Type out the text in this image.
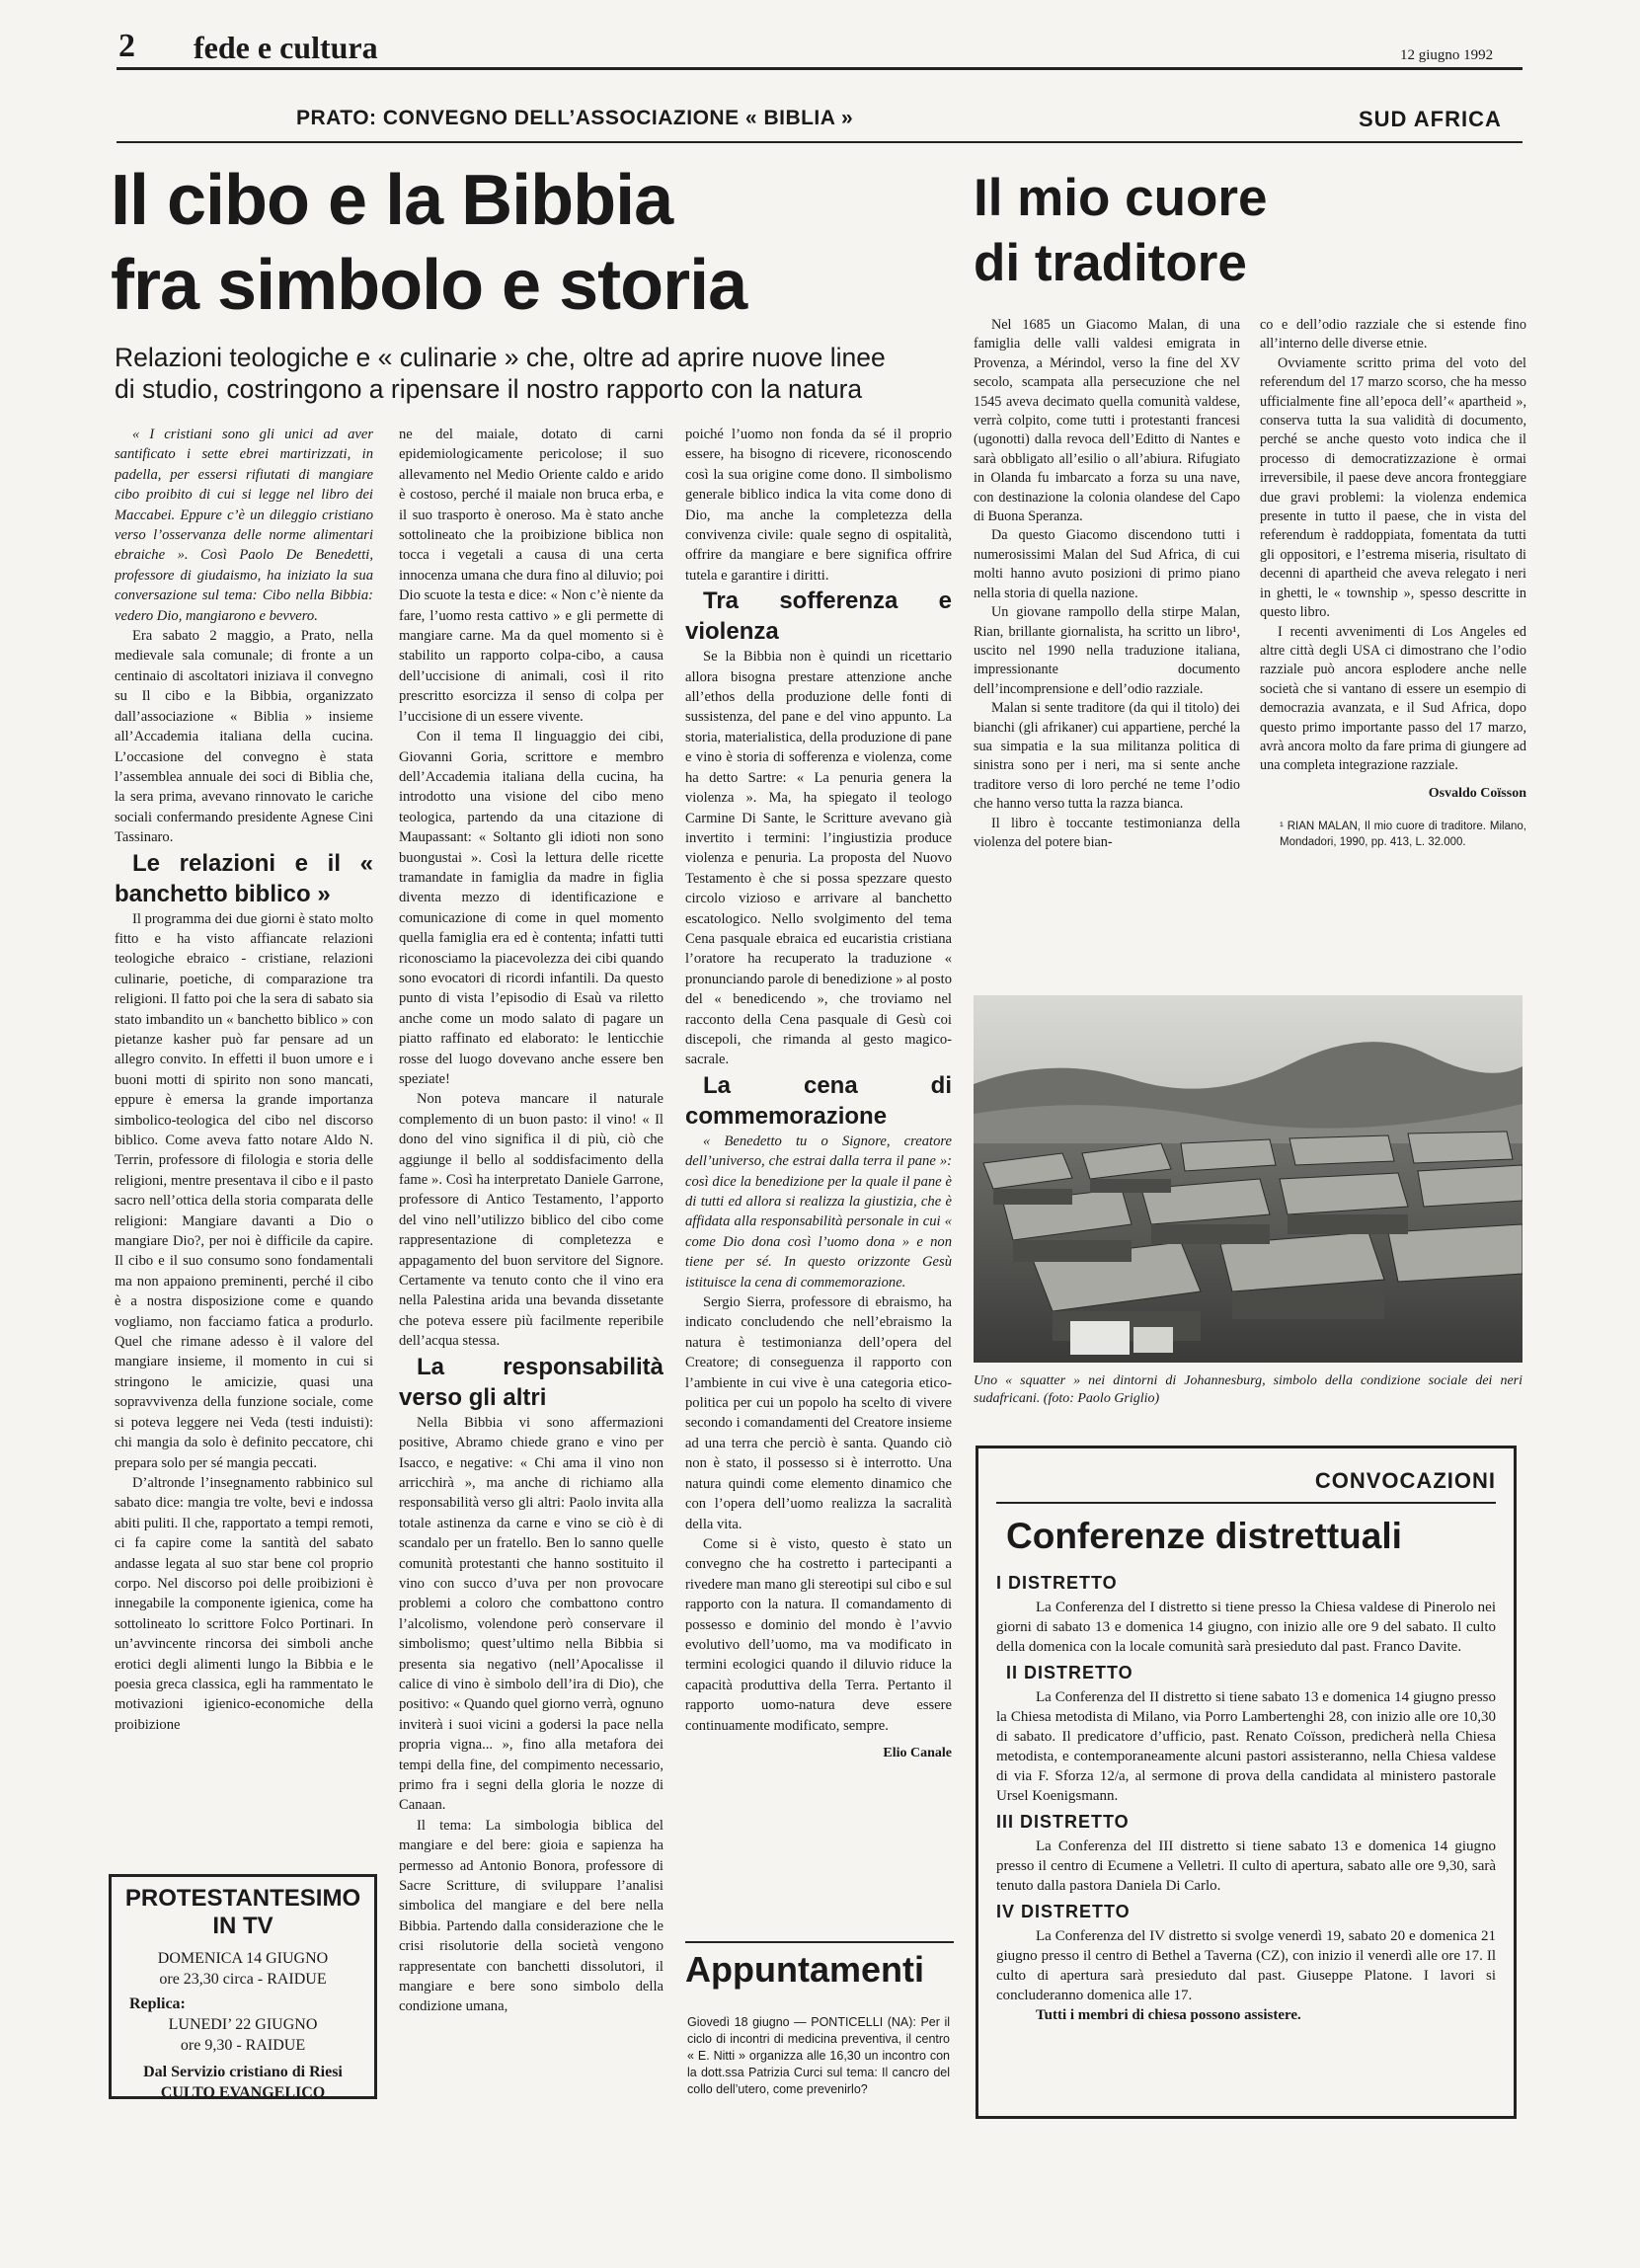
2 fede e cultura	12 giugno 1992
PRATO: CONVEGNO DELL’ASSOCIAZIONE « BIBLIA »	SUD AFRICA
Il cibo e la Bibbia
fra simbolo e storia
Relazioni teologiche e « culinarie » che, oltre ad aprire nuove linee
di studio, costringono a ripensare il nostro rapporto con la natura

« I cristiani sono gli unici ad aver santificato i sette ebrei martirizzati, in padella, per essersi rifiutati di mangiare cibo proibito di cui si legge nel libro dei Maccabei. Eppure c’è un dileggio cristiano verso l’osservanza delle norme alimentari ebraiche ». Così Paolo De Benedetti, professore di giudaismo, ha iniziato la sua conversazione sul tema: Cibo nella Bibbia: vedero Dio, mangiarono e bevvero.

Era sabato 2 maggio, a Prato, nella medievale sala comunale; di fronte a un centinaio di ascoltatori iniziava il convegno su Il cibo e la Bibbia, organizzato dall’associazione « Biblia » insieme all’Accademia italiana della cucina. L’occasione del convegno è stata l’assemblea annuale dei soci di Biblia che, la sera prima, avevano rinnovato le cariche sociali confermando presidente Agnese Cini Tassinaro.

Le relazioni e il « banchetto biblico »

Il programma dei due giorni è stato molto fitto e ha visto affiancate relazioni teologiche ebraico - cristiane, relazioni culinarie, poetiche, di comparazione tra religioni. Il fatto poi che la sera di sabato sia stato imbandito un « banchetto biblico » con pietanze kasher può far pensare ad un allegro convito. In effetti il buon umore e i buoni motti di spirito non sono mancati, eppure è emersa la grande importanza simbolico-teologica del cibo nel discorso biblico. Come aveva fatto notare Aldo N. Terrin, professore di filologia e storia delle religioni, mentre presentava il cibo e il pasto sacro nell’ottica della storia comparata delle religioni: Mangiare davanti a Dio o mangiare Dio?, per noi è difficile da capire. Il cibo e il suo consumo sono fondamentali ma non appaiono preminenti, perché il cibo è a nostra disposizione come e quando vogliamo, non facciamo fatica a produrlo. Quel che rimane adesso è il valore del mangiare insieme, il momento in cui si stringono le amicizie, quasi una sopravvivenza della funzione sociale, come si poteva leggere nei Veda (testi induisti): chi mangia da solo è definito peccatore, chi prepara solo per sé mangia peccati.

D’altronde l’insegnamento rabbinico sul sabato dice: mangia tre volte, bevi e indossa abiti puliti. Il che, rapportato a tempi remoti, ci fa capire come la santità del sabato andasse legata al suo star bene col proprio corpo. Nel discorso poi delle proibizioni è innegabile la componente igienica, come ha sottolineato lo scrittore Folco Portinari. In un’avvincente rincorsa dei simboli anche erotici degli alimenti lungo la Bibbia e le poesia greca classica, egli ha rammentato le motivazioni igienico-economiche della proibizione

ne del maiale, dotato di carni epidemiologicamente pericolose; il suo allevamento nel Medio Oriente caldo e arido è costoso, perché il maiale non bruca erba, e il suo trasporto è oneroso. Ma è stato anche sottolineato che la proibizione biblica non tocca i vegetali a causa di una certa innocenza umana che dura fino al diluvio; poi Dio scuote la testa e dice: « Non c’è niente da fare, l’uomo resta cattivo » e gli permette di mangiare carne. Ma da quel momento si è stabilito un rapporto colpa-cibo, a causa dell’uccisione di animali, così il rito prescritto esorcizza il senso di colpa per l’uccisione di un essere vivente.

Con il tema Il linguaggio dei cibi, Giovanni Goria, scrittore e membro dell’Accademia italiana della cucina, ha introdotto una visione del cibo meno teologica, partendo da una citazione di Maupassant: « Soltanto gli idioti non sono buongustai ». Così la lettura delle ricette tramandate in famiglia da madre in figlia diventa mezzo di identificazione e comunicazione di come in quel momento quella famiglia era ed è contenta; infatti tutti riconosciamo la piacevolezza dei cibi quando sono evocatori di ricordi infantili. Da questo punto di vista l’episodio di Esaù va riletto anche come un modo salato di pagare un piatto raffinato ed elaborato: le lenticchie rosse del luogo dovevano anche essere ben speziate!

Non poteva mancare il naturale complemento di un buon pasto: il vino! « Il dono del vino significa il di più, ciò che aggiunge il bello al soddisfacimento della fame ». Così ha interpretato Daniele Garrone, professore di Antico Testamento, l’apporto del vino nell’utilizzo biblico del cibo come rappresentazione di completezza e appagamento del buon servitore del Signore. Certamente va tenuto conto che il vino era nella Palestina arida una bevanda dissetante che poteva essere più facilmente reperibile dell’acqua stessa.

La responsabilità verso gli altri

Nella Bibbia vi sono affermazioni positive, Abramo chiede grano e vino per Isacco, e negative: « Chi ama il vino non arricchirà », ma anche di richiamo alla responsabilità verso gli altri: Paolo invita alla totale astinenza da carne e vino se ciò è di scandalo per un fratello. Ben lo sanno quelle comunità protestanti che hanno sostituito il vino con succo d’uva per non provocare problemi a coloro che combattono contro l’alcolismo, volendone però conservare il simbolismo; quest’ultimo nella Bibbia si presenta sia negativo (nell’Apocalisse il calice di vino è simbolo dell’ira di Dio), che positivo: « Quando quel giorno verrà, ognuno inviterà i suoi vicini a godersi la pace nella propria vigna... », fino alla metafora dei tempi della fine, del compimento necessario, primo fra i segni della gloria le nozze di Canaan.

Il tema: La simbologia biblica del mangiare e del bere: gioia e sapienza ha permesso ad Antonio Bonora, professore di Sacre Scritture, di sviluppare l’analisi simbolica del mangiare e del bere nella Bibbia. Partendo dalla considerazione che le crisi risolutorie della società vengono rappresentate con banchetti dissolutori, il mangiare e bere sono simbolo della condizione umana,

poiché l’uomo non fonda da sé il proprio essere, ha bisogno di ricevere, riconoscendo così la sua origine come dono. Il simbolismo generale biblico indica la vita come dono di Dio, ma anche la completezza della convivenza civile: quale segno di ospitalità, offrire da mangiare e bere significa offrire tutela e garantire i diritti.

Tra sofferenza e violenza

Se la Bibbia non è quindi un ricettario allora bisogna prestare attenzione anche all’ethos della produzione delle fonti di sussistenza, del pane e del vino appunto. La storia, materialistica, della produzione di pane e vino è storia di sofferenza e violenza, come ha detto Sartre: « La penuria genera la violenza ». Ma, ha spiegato il teologo Carmine Di Sante, le Scritture avevano già invertito i termini: l’ingiustizia produce violenza e penuria. La proposta del Nuovo Testamento è che si possa spezzare questo circolo vizioso e arrivare al banchetto escatologico. Nello svolgimento del tema Cena pasquale ebraica ed eucaristia cristiana l’oratore ha recuperato la traduzione « pronunciando parole di benedizione » al posto del « benedicendo », che troviamo nel racconto della Cena pasquale di Gesù coi discepoli, che rimanda al gesto magico-sacrale.

La cena di commemorazione

« Benedetto tu o Signore, creatore dell’universo, che estrai dalla terra il pane »: così dice la benedizione per la quale il pane è di tutti ed allora si realizza la giustizia, che è affidata alla responsabilità personale in cui « come Dio dona così l’uomo dona » e non tiene per sé. In questo orizzonte Gesù istituisce la cena di commemorazione.

Sergio Sierra, professore di ebraismo, ha indicato concludendo che nell’ebraismo la natura è testimonianza dell’opera del Creatore; di conseguenza il rapporto con l’ambiente in cui vive è una categoria etico-politica per cui un popolo ha scelto di vivere secondo i comandamenti del Creatore insieme ad una terra che perciò è santa. Quando ciò non è stato, il possesso si è interrotto. Una natura quindi come elemento dinamico che con l’opera dell’uomo realizza la sacralità della vita.

Come si è visto, questo è stato un convegno che ha costretto i partecipanti a rivedere man mano gli stereotipi sul cibo e sul rapporto con la natura. Il comandamento di possesso e dominio del mondo è l’avvio evolutivo dell’uomo, ma va modificato in termini ecologici quando il diluvio riduce la capacità produttiva della Terra. Pertanto il rapporto uomo-natura deve essere continuamente modificato, sempre.

Elio Canale
PROTESTANTESIMO
IN TV
DOMENICA 14 GIUGNO
ore 23,30 circa - RAIDUE
Replica:
LUNEDI’ 22 GIUGNO
ore 9,30 - RAIDUE
Dal Servizio cristiano di Riesi
CULTO EVANGELICO
Appuntamenti
Giovedì 18 giugno — PONTICELLI (NA): Per il ciclo di incontri di medicina preventiva, il centro « E. Nitti » organizza alle 16,30 un incontro con la dott.ssa Patrizia Curci sul tema: Il cancro del collo dell’utero, come prevenirlo?
Il mio cuore
di traditore

Nel 1685 un Giacomo Malan, di una famiglia delle valli valdesi emigrata in Provenza, a Mérindol, verso la fine del XV secolo, scampata alla persecuzione che nel 1545 aveva decimato quella comunità valdese, verrà colpito, come tutti i protestanti francesi (ugonotti) dalla revoca dell’Editto di Nantes e sarà obbligato all’esilio o all’abiura. Rifugiato in Olanda fu imbarcato a forza su una nave, con destinazione la colonia olandese del Capo di Buona Speranza.

Da questo Giacomo discendono tutti i numerosissimi Malan del Sud Africa, di cui molti hanno avuto posizioni di primo piano nella storia di quella nazione.

Un giovane rampollo della stirpe Malan, Rian, brillante giornalista, ha scritto un libro¹, uscito nel 1990 nella traduzione italiana, impressionante documento dell’incomprensione e dell’odio razziale.

Malan si sente traditore (da qui il titolo) dei bianchi (gli afrikaner) cui appartiene, perché la sua simpatia e la sua militanza politica di sinistra sono per i neri, ma si sente anche traditore verso di loro perché ne teme l’odio che hanno verso tutta la razza bianca.

Il libro è toccante testimonianza della violenza del potere bian-

co e dell’odio razziale che si estende fino all’interno delle diverse etnie.

Ovviamente scritto prima del voto del referendum del 17 marzo scorso, che ha messo ufficialmente fine all’epoca dell’« apartheid », conserva tutta la sua validità di documento, perché se anche questo voto indica che il processo di democratizzazione è ormai irreversibile, il paese deve ancora fronteggiare due gravi problemi: la violenza endemica presente in tutto il paese, che in vista del referendum è raddoppiata, fomentata da tutti gli oppositori, e l’estrema miseria, risultato di decenni di apartheid che aveva relegato i neri in ghetti, le « township », spesso descritte in questo libro.

I recenti avvenimenti di Los Angeles ed altre città degli USA ci dimostrano che l’odio razziale può ancora esplodere anche nelle società che si vantano di essere un esempio di democrazia avanzata, e il Sud Africa, dopo questo primo importante passo del 17 marzo, avrà ancora molto da fare prima di giungere ad una completa integrazione razziale.

Osvaldo Coïsson
¹ RIAN MALAN, Il mio cuore di traditore. Milano, Mondadori, 1990, pp. 413, L. 32.000.
Uno « squatter » nei dintorni di Johannesburg, simbolo della condizione sociale dei neri sudafricani. (foto: Paolo Griglio)
CONVOCAZIONI
Conferenze distrettuali
I DISTRETTO

La Conferenza del I distretto si tiene presso la Chiesa valdese di Pinerolo nei giorni di sabato 13 e domenica 14 giugno, con inizio alle ore 9 del sabato. Il culto della domenica con la locale comunità sarà presieduto dal past. Franco Davite.

II DISTRETTO

La Conferenza del II distretto si tiene sabato 13 e domenica 14 giugno presso la Chiesa metodista di Milano, via Porro Lambertenghi 28, con inizio alle ore 10,30 di sabato. Il predicatore d’ufficio, past. Renato Coïsson, predicherà nella Chiesa metodista, e contemporaneamente alcuni pastori assisteranno, nella Chiesa valdese di via F. Sforza 12/a, al sermone di prova della candidata al ministero pastorale Ursel Koenigsmann.

III DISTRETTO

La Conferenza del III distretto si tiene sabato 13 e domenica 14 giugno presso il centro di Ecumene a Velletri. Il culto di apertura, sabato alle ore 9,30, sarà tenuto dalla pastora Daniela Di Carlo.

IV DISTRETTO

La Conferenza del IV distretto si svolge venerdì 19, sabato 20 e domenica 21 giugno presso il centro di Bethel a Taverna (CZ), con inizio il venerdì alle ore 17. Il culto di apertura sarà presieduto dal past. Giuseppe Platone. I lavori si concluderanno domenica alle 17.

Tutti i membri di chiesa possono assistere.
